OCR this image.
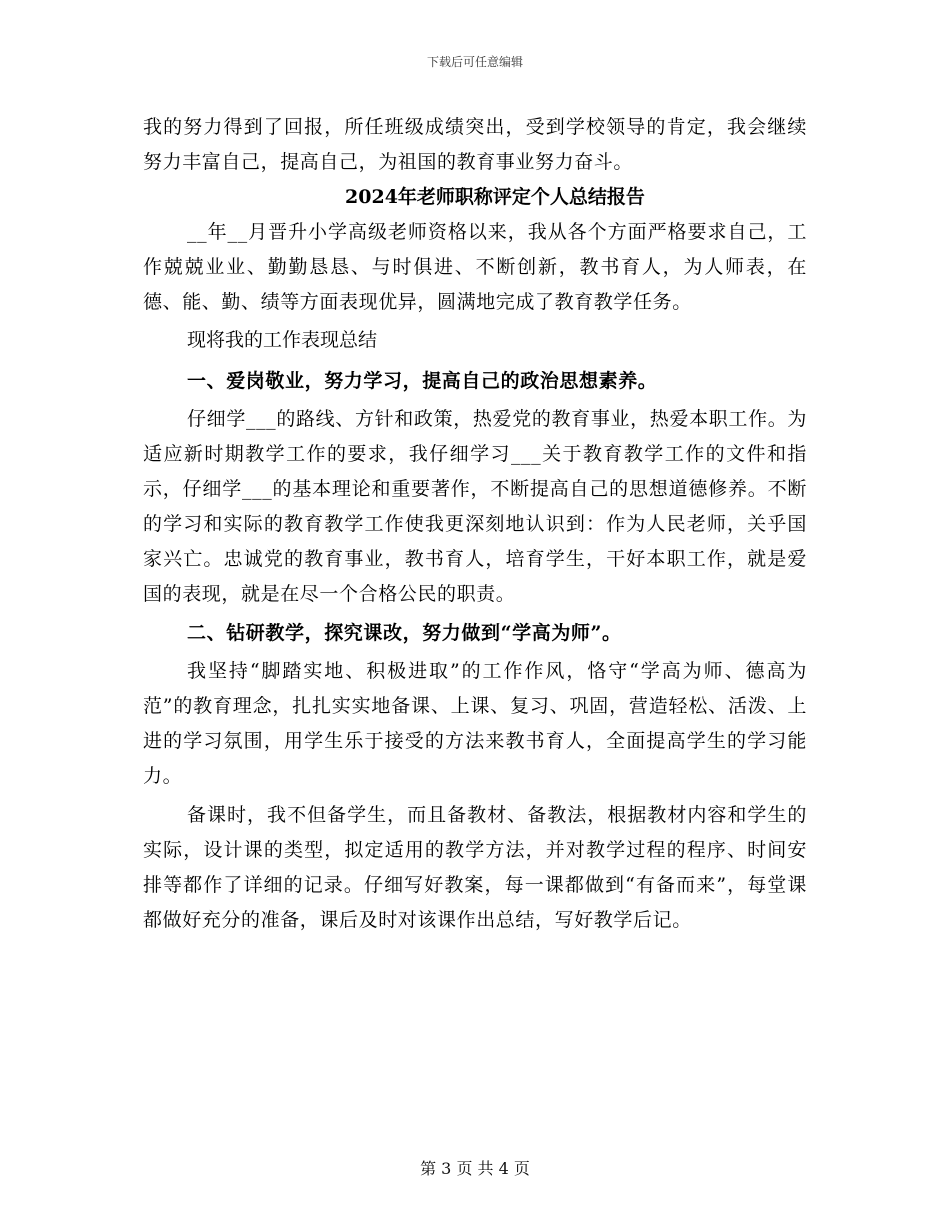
下载后可任意编辑

我的努力得到了回报，所任班级成绩突出，受到学校领导的肯定，我会继续努力丰富自己，提高自己，为祖国的教育事业努力奋斗。

2024年老师职称评定个人总结报告

__年__月晋升小学高级老师资格以来，我从各个方面严格要求自己，工作兢兢业业、勤勤恳恳、与时俱进、不断创新，教书育人，为人师表，在德、能、勤、绩等方面表现优异，圆满地完成了教育教学任务。

现将我的工作表现总结

一、爱岗敬业，努力学习，提高自己的政治思想素养。

仔细学___的路线、方针和政策，热爱党的教育事业，热爱本职工作。为适应新时期教学工作的要求，我仔细学习___关于教育教学工作的文件和指示，仔细学___的基本理论和重要著作，不断提高自己的思想道德修养。不断的学习和实际的教育教学工作使我更深刻地认识到：作为人民老师，关乎国家兴亡。忠诚党的教育事业，教书育人，培育学生，干好本职工作，就是爱国的表现，就是在尽一个合格公民的职责。

二、钻研教学，探究课改，努力做到“学高为师”。

我坚持“脚踏实地、积极进取”的工作作风，恪守“学高为师、德高为范”的教育理念，扎扎实实地备课、上课、复习、巩固，营造轻松、活泼、上进的学习氛围，用学生乐于接受的方法来教书育人，全面提高学生的学习能力。

备课时，我不但备学生，而且备教材、备教法，根据教材内容和学生的实际，设计课的类型，拟定适用的教学方法，并对教学过程的程序、时间安排等都作了详细的记录。仔细写好教案，每一课都做到“有备而来”，每堂课都做好充分的准备，课后及时对该课作出总结，写好教学后记。

第 3 页 共 4 页
